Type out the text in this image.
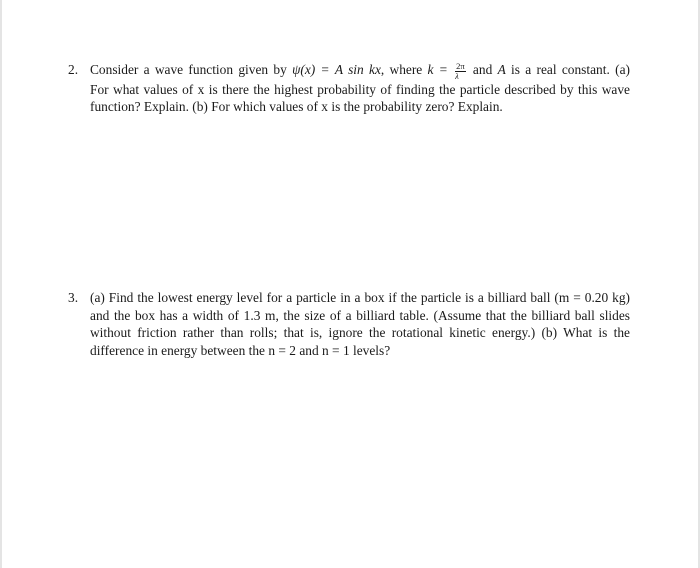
2. Consider a wave function given by ψ(x) = A sin kx, where $k = \frac{2\pi}{\lambda}$ and A is a real constant. (a)
For what values of x is there the highest probability of finding the particle described by this wave
function? Explain. (b) For which values of x is the probability zero? Explain.
3. (a) Find the lowest energy level for a particle in a box if the particle is a billiard ball (m = 0.20 kg)
and the box has a width of 1.3 m, the size of a billiard table. (Assume that the billiard ball slides
without friction rather than rolls; that is, ignore the rotational kinetic energy.) (b) What is the
difference in energy between the n = 2 and n = 1 levels?
